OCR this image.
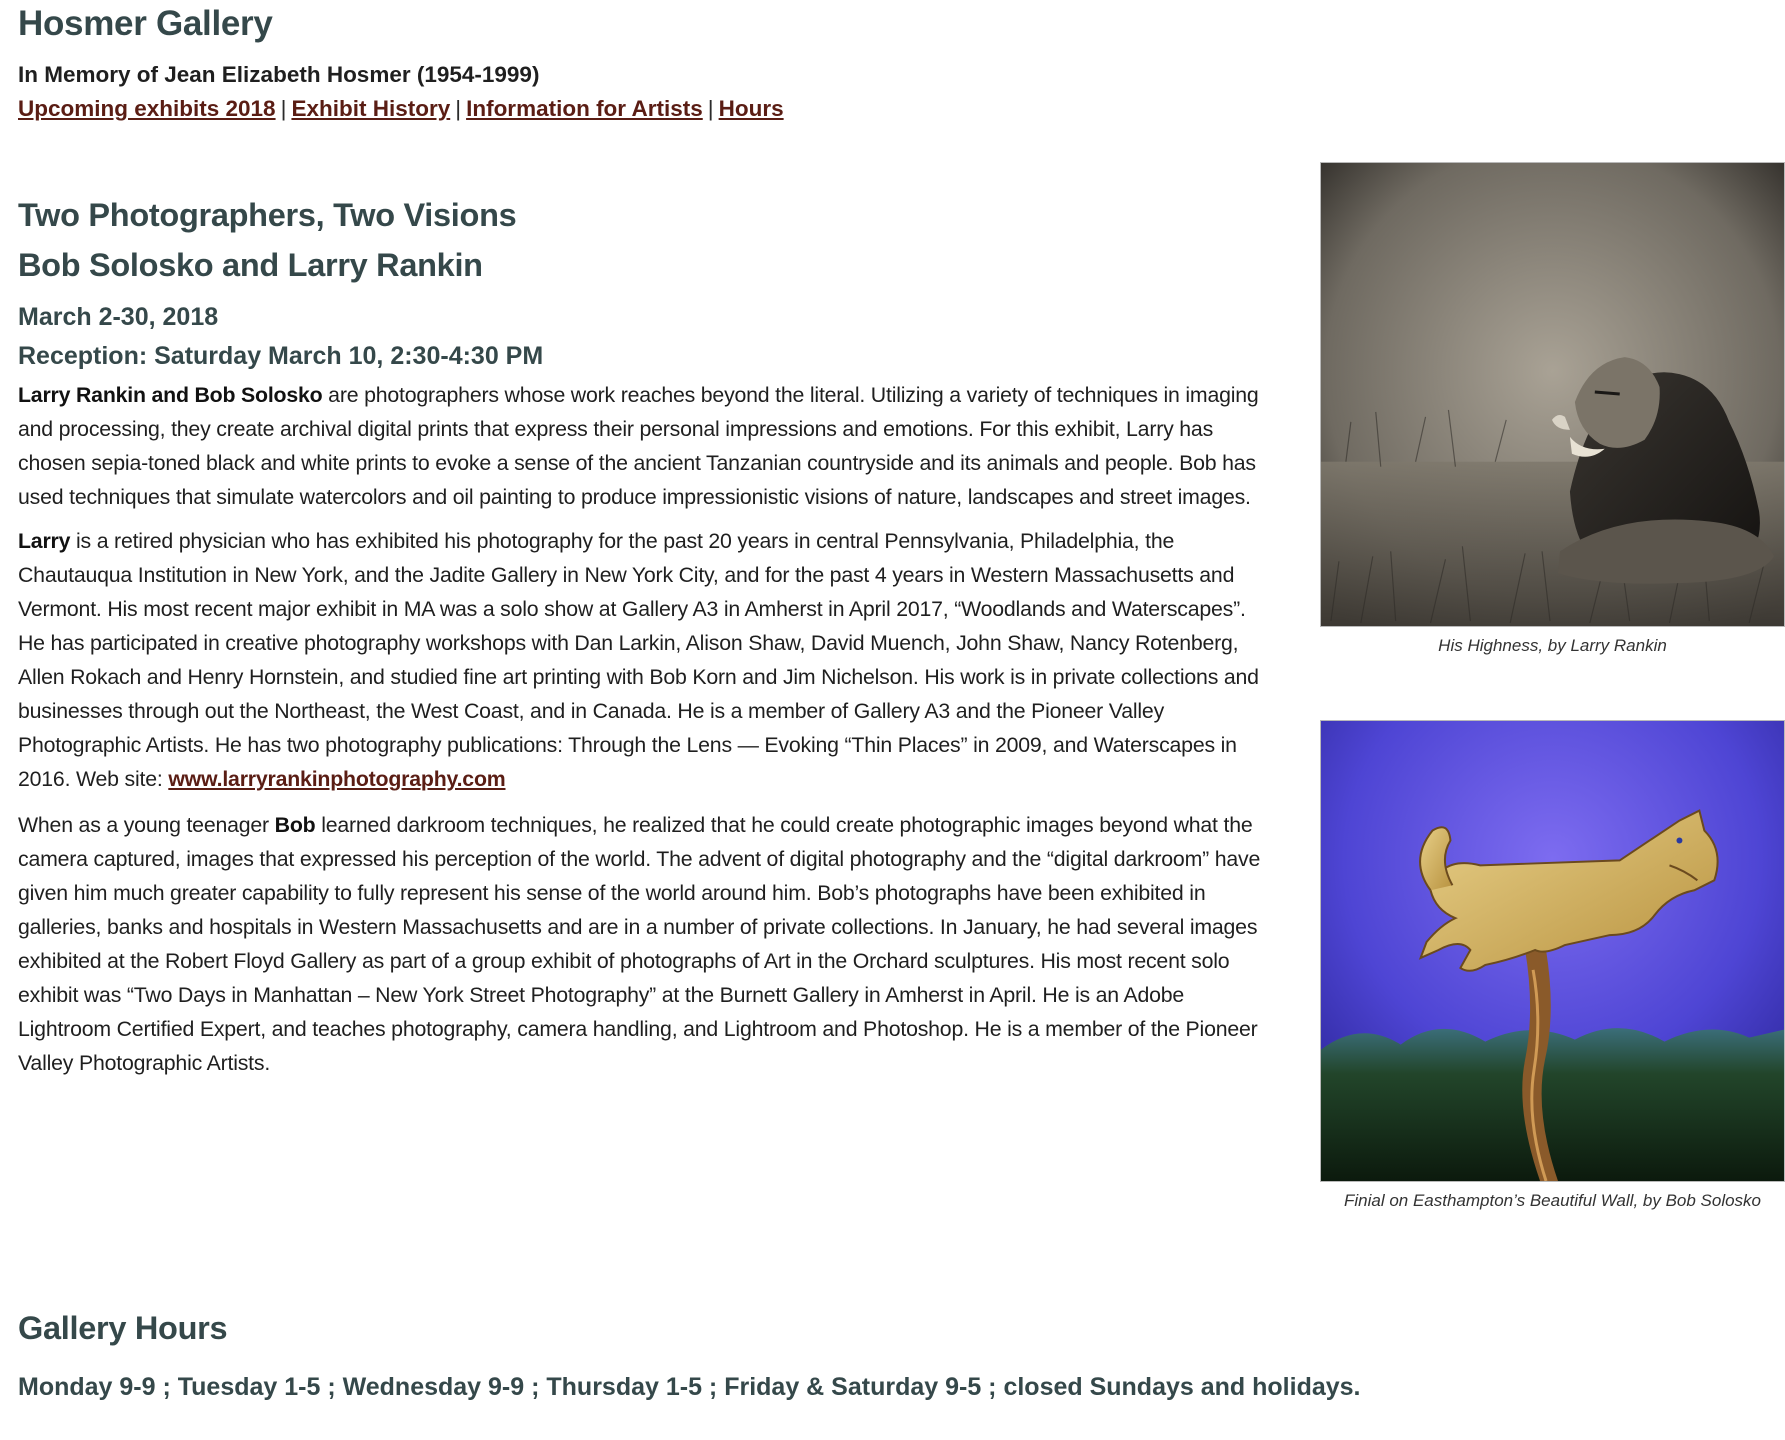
Hosmer Gallery

In Memory of Jean Elizabeth Hosmer (1954-1999)

Upcoming exhibits 2018 | Exhibit History | Information for Artists | Hours
Two Photographers, Two Visions
Bob Solosko and Larry Rankin

March 2-30, 2018

Reception: Saturday March 10, 2:30-4:30 PM

Larry Rankin and Bob Solosko are photographers whose work reaches beyond the literal. Utilizing a variety of techniques in imaging and processing, they create archival digital prints that express their personal impressions and emotions. For this exhibit, Larry has chosen sepia-toned black and white prints to evoke a sense of the ancient Tanzanian countryside and its animals and people. Bob has used techniques that simulate watercolors and oil painting to produce impressionistic visions of nature, landscapes and street images.

Larry is a retired physician who has exhibited his photography for the past 20 years in central Pennsylvania, Philadelphia, the Chautauqua Institution in New York, and the Jadite Gallery in New York City, and for the past 4 years in Western Massachusetts and Vermont. His most recent major exhibit in MA was a solo show at Gallery A3 in Amherst in April 2017, “Woodlands and Waterscapes”. He has participated in creative photography workshops with Dan Larkin, Alison Shaw, David Muench, John Shaw, Nancy Rotenberg, Allen Rokach and Henry Hornstein, and studied fine art printing with Bob Korn and Jim Nichelson. His work is in private collections and businesses through out the Northeast, the West Coast, and in Canada. He is a member of Gallery A3 and the Pioneer Valley Photographic Artists. He has two photography publications: Through the Lens — Evoking “Thin Places” in 2009, and Waterscapes in 2016. Web site: www.larryrankinphotography.com

When as a young teenager Bob learned darkroom techniques, he realized that he could create photographic images beyond what the camera captured, images that expressed his perception of the world. The advent of digital photography and the “digital darkroom” have given him much greater capability to fully represent his sense of the world around him. Bob’s photographs have been exhibited in galleries, banks and hospitals in Western Massachusetts and are in a number of private collections. In January, he had several images exhibited at the Robert Floyd Gallery as part of a group exhibit of photographs of Art in the Orchard sculptures. His most recent solo exhibit was “Two Days in Manhattan – New York Street Photography” at the Burnett Gallery in Amherst in April. He is an Adobe Lightroom Certified Expert, and teaches photography, camera handling, and Lightroom and Photoshop. He is a member of the Pioneer Valley Photographic Artists.

His Highness, by Larry Rankin
Finial on Easthampton’s Beautiful Wall, by Bob Solosko
Gallery Hours

Monday 9-9 ; Tuesday 1-5 ; Wednesday 9-9 ; Thursday 1-5 ; Friday & Saturday 9-5 ; closed Sundays and holidays.
